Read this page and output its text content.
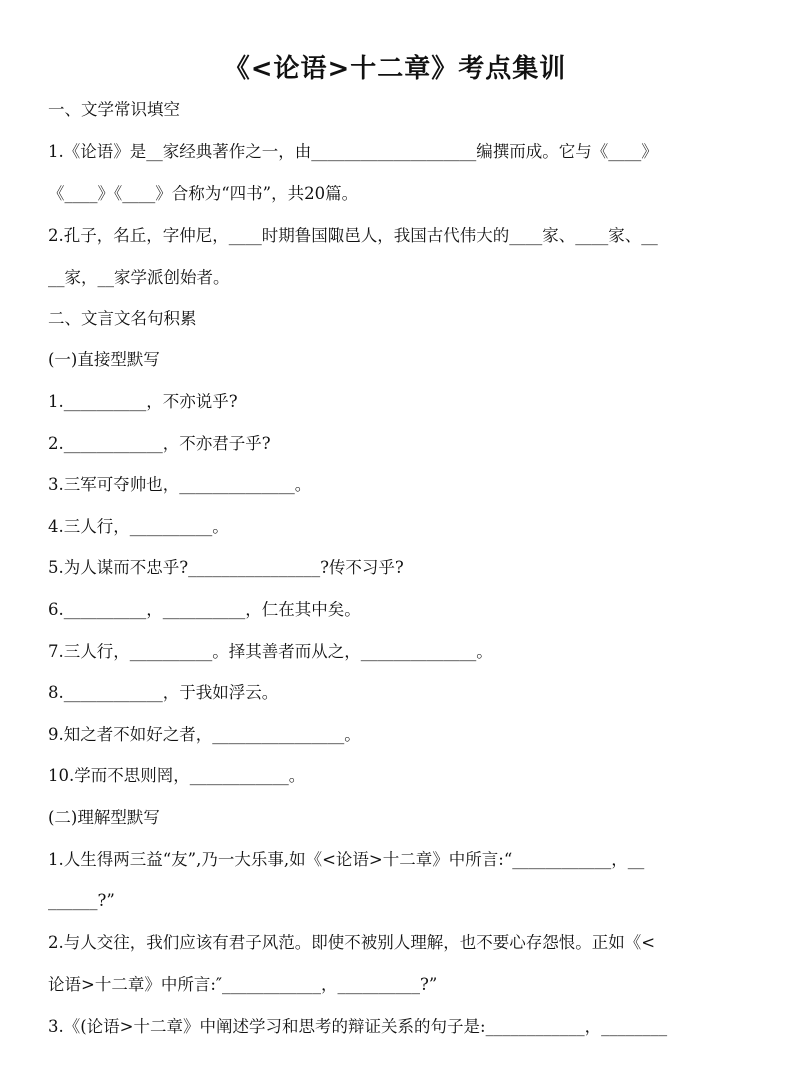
《<论语>十二章》考点集训
一、文学常识填空
1.《论语》是__家经典著作之一，由____________________编撰而成。它与《____》
《____》《____》合称为“四书”，共20篇。
2.孔子，名丘，字仲尼，____时期鲁国陬邑人，我国古代伟大的____家、____家、__
__家，__家学派创始者。
二、文言文名句积累
(一)直接型默写
1.__________，不亦说乎?
2.____________，不亦君子乎?
3.三军可夺帅也，______________。
4.三人行，__________。
5.为人谋而不忠乎?________________?传不习乎?
6.__________，__________，仁在其中矣。
7.三人行，__________。择其善者而从之，______________。
8.____________，于我如浮云。
9.知之者不如好之者，________________。
10.学而不思则罔，____________。
(二)理解型默写
1.人生得两三益“友”,乃一大乐事,如《<论语>十二章》中所言:“____________，__
______?”
2.与人交往，我们应该有君子风范。即使不被别人理解，也不要心存怨恨。正如《<
论语>十二章》中所言:″____________，__________?”
3.《(论语>十二章》中阐述学习和思考的辩证关系的句子是:____________，________
